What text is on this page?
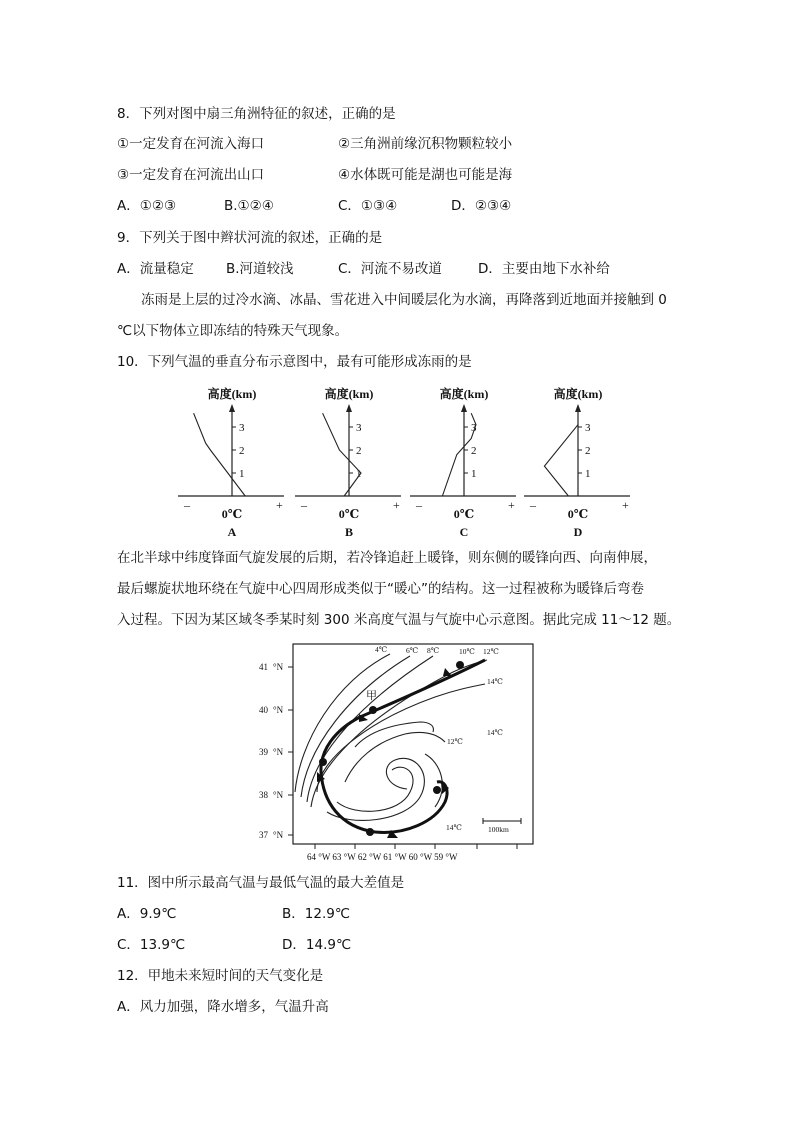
8．下列对图中扇三角洲特征的叙述，正确的是
①一定发育在河流入海口	②三角洲前缘沉积物颗粒较小
③一定发育在河流出山口	④水体既可能是湖也可能是海
A．①②③	B.①②④	C．①③④	D．②③④
9．下列关于图中辫状河流的叙述，正确的是
A．流量稳定 B.河道较浅	C．河流不易改道	D．主要由地下水补给
冻雨是上层的过冷水滴、冰晶、雪花进入中间暖层化为水滴，再降落到近地面并接触到 0
℃以下物体立即冻结的特殊天气现象。
10．下列气温的垂直分布示意图中，最有可能形成冻雨的是
高度(km)
1
2
3
–	+
0℃
A
高度(km)
1
2
3
–	+
0℃
B
高度(km)
1
2
3
–	+
0℃
C
高度(km)
1
2
3
–	+
0℃
D
在北半球中纬度锋面气旋发展的后期，若冷锋追赶上暖锋，则东侧的暖锋向西、向南伸展，
最后螺旋状地环绕在气旋中心四周形成类似于“暖心”的结构。这一过程被称为暖锋后弯卷
入过程。下因为某区域冬季某时刻 300 米高度气温与气旋中心示意图。据此完成 11～12 题。
41 °N
40 °N
39 °N
38 °N
37 °N
64 °W 63 °W 62 °W 61 °W 60 °W 59 °W
4℃	6℃ 8℃	10℃ 12℃
14℃
14℃
12℃
14℃
甲
100km
11．图中所示最高气温与最低气温的最大差值是
A．9.9℃	B．12.9℃
C．13.9℃	D．14.9℃
12．甲地未来短时间的天气变化是
A．风力加强，降水增多，气温升高
